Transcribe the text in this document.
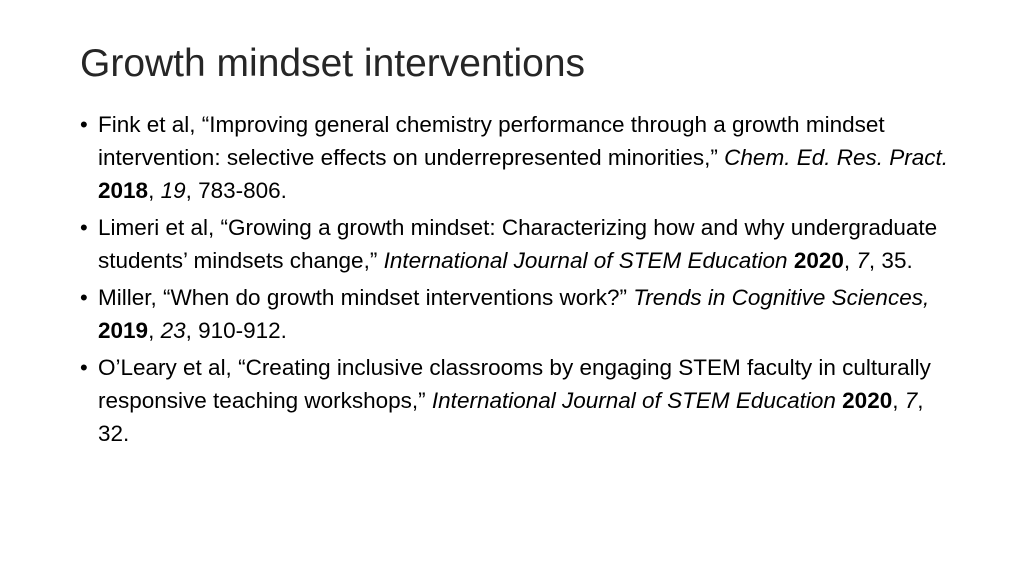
Growth mindset interventions
• Fink et al, “Improving general chemistry performance through a growth mindset intervention: selective effects on underrepresented minorities,” Chem. Ed. Res. Pract. 2018, 19, 783-806.
• Limeri et al, “Growing a growth mindset: Characterizing how and why undergraduate students’ mindsets change,” International Journal of STEM Education 2020, 7, 35.
• Miller, “When do growth mindset interventions work?” Trends in Cognitive Sciences, 2019, 23, 910-912.
• O’Leary et al, “Creating inclusive classrooms by engaging STEM faculty in culturally responsive teaching workshops,” International Journal of STEM Education 2020, 7, 32.
